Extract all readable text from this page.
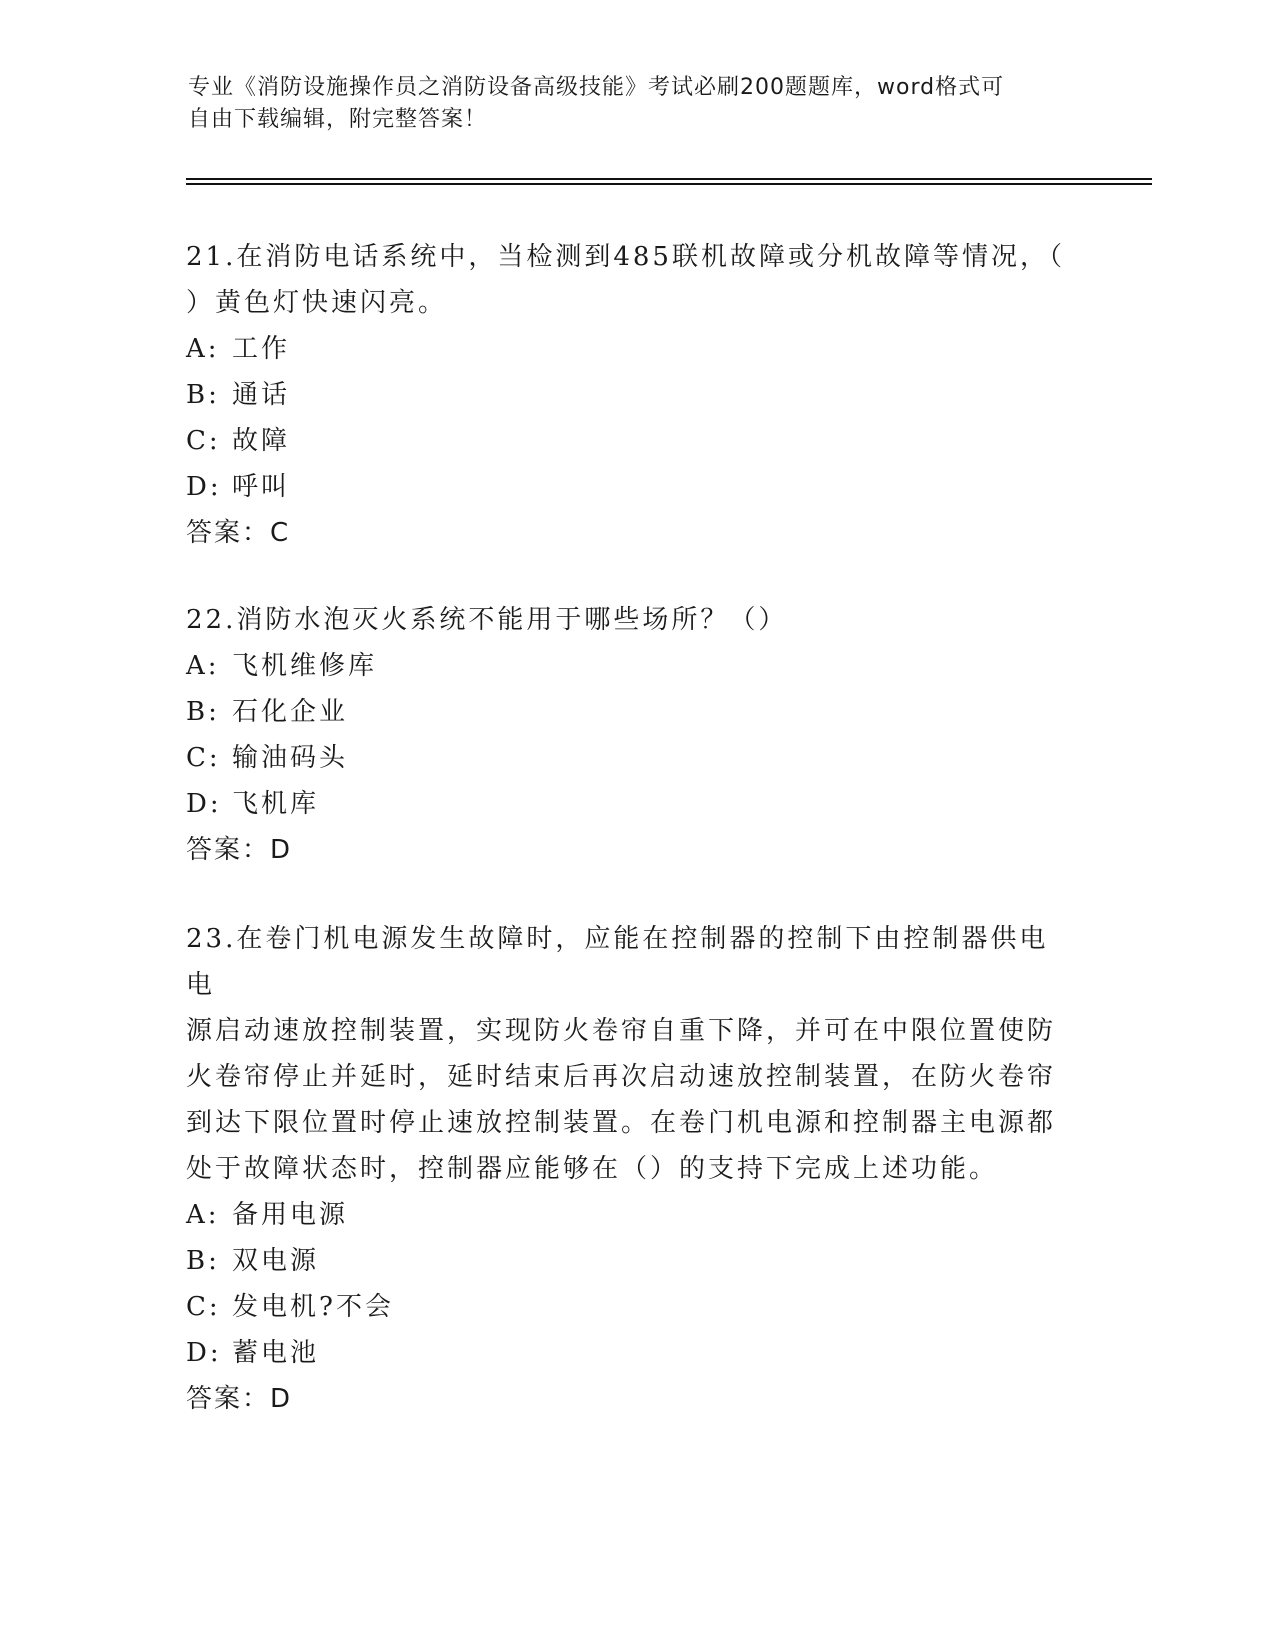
专业《消防设施操作员之消防设备高级技能》考试必刷200题题库，word格式可
自由下载编辑，附完整答案！
21.在消防电话系统中，当检测到485联机故障或分机故障等情况，（
）黄色灯快速闪亮。
A: 工作
B: 通话
C: 故障
D: 呼叫
答案：C
22.消防水泡灭火系统不能用于哪些场所？（）
A: 飞机维修库
B: 石化企业
C: 输油码头
D: 飞机库
答案：D
23.在卷门机电源发生故障时，应能在控制器的控制下由控制器供电电
源启动速放控制装置，实现防火卷帘自重下降，并可在中限位置使防
火卷帘停止并延时，延时结束后再次启动速放控制装置，在防火卷帘
到达下限位置时停止速放控制装置。在卷门机电源和控制器主电源都
处于故障状态时，控制器应能够在（）的支持下完成上述功能。
A: 备用电源
B: 双电源
C: 发电机?不会
D: 蓄电池
答案：D
